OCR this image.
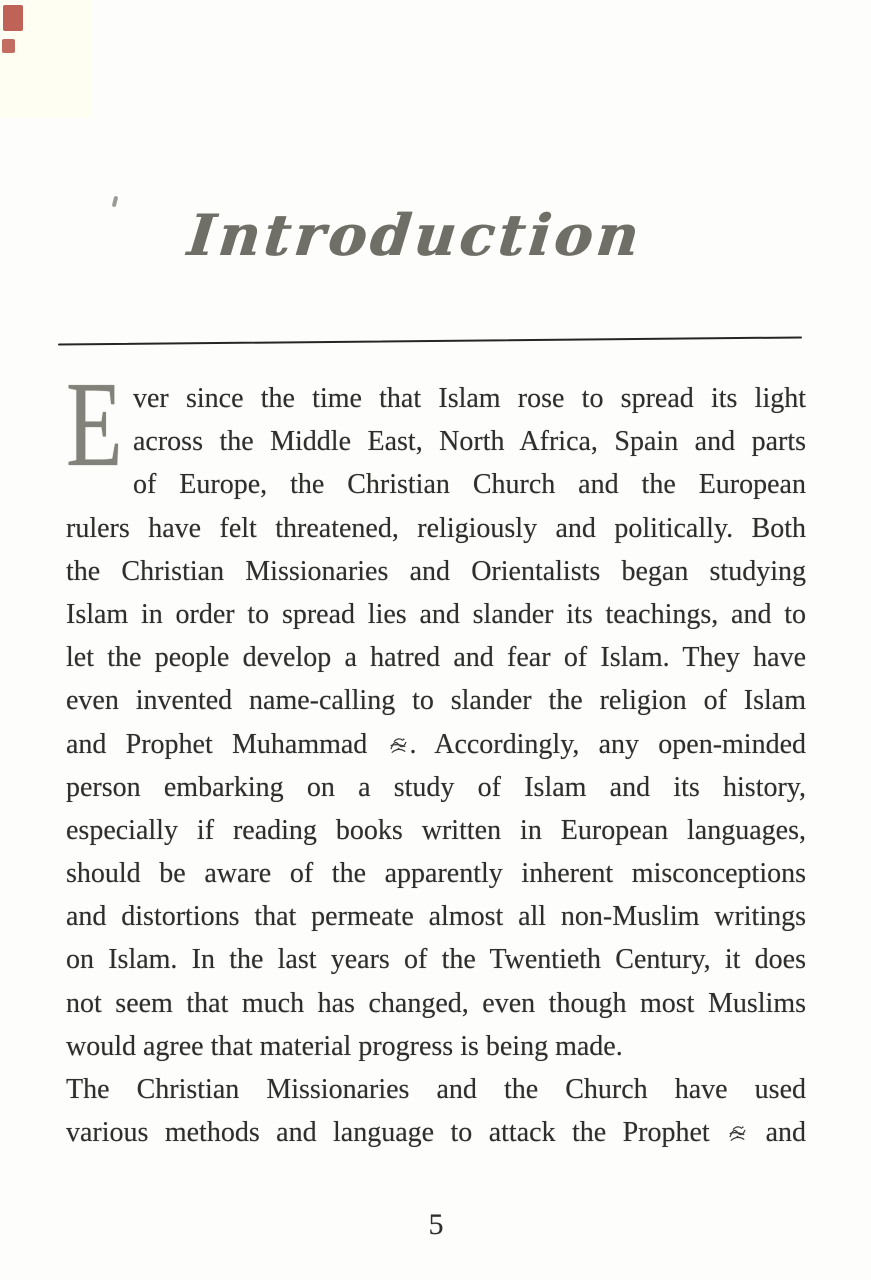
Introduction
E ver since the time that Islam rose to spread its light
across the Middle East, North Africa, Spain and parts
of Europe, the Christian Church and the European
rulers have felt threatened, religiously and politically. Both
the Christian Missionaries and Orientalists began studying
Islam in order to spread lies and slander its teachings, and to
let the people develop a hatred and fear of Islam. They have
even invented name-calling to slander the religion of Islam
and Prophet Muhammad
. Accordingly, any open-minded
person embarking on a study of Islam and its history,
especially if reading books written in European languages,
should be aware of the apparently inherent misconceptions
and distortions that permeate almost all non-Muslim writings
on Islam. In the last years of the Twentieth Century, it does
not seem that much has changed, even though most Muslims
would agree that material progress is being made.
The Christian Missionaries and the Church have used
various methods and language to attack the Prophet
and
5
